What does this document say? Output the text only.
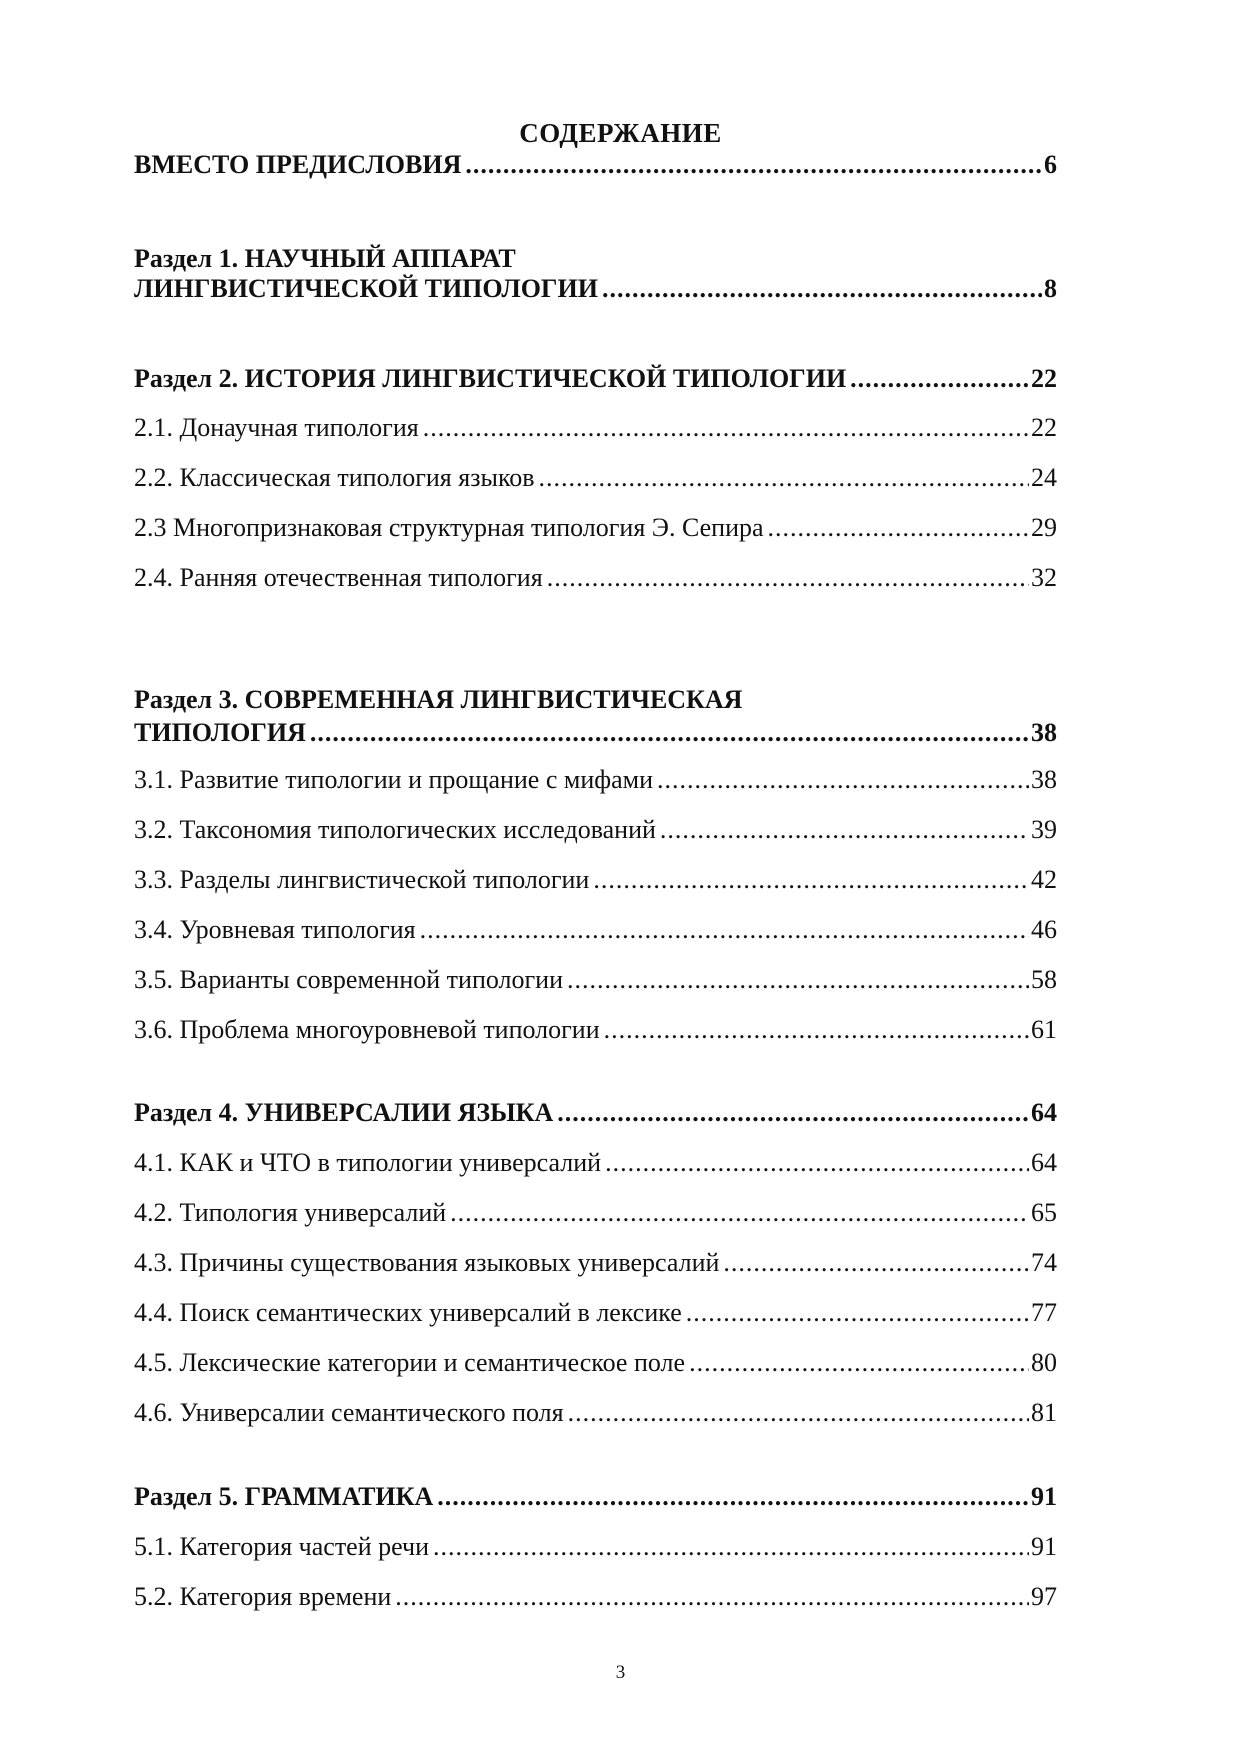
СОДЕРЖАНИЕ
ВМЕСТО ПРЕДИСЛОВИЯ .....	6
Раздел 1. НАУЧНЫЙ АППАРАТ
ЛИНГВИСТИЧЕСКОЙ ТИПОЛОГИИ .....	8
Раздел 2. ИСТОРИЯ ЛИНГВИСТИЧЕСКОЙ ТИПОЛОГИИ .....	22
2.1. Донаучная типология .....	22
2.2. Классическая типология языков .....	24
2.3 Многопризнаковая структурная типология Э. Сепира .....	29
2.4. Ранняя отечественная типология .....	32
Раздел 3. СОВРЕМЕННАЯ ЛИНГВИСТИЧЕСКАЯ
ТИПОЛОГИЯ .....	38
3.1. Развитие типологии и прощание с мифами .....	38
3.2. Таксономия типологических исследований .....	39
3.3. Разделы лингвистической типологии .....	42
3.4. Уровневая типология .....	46
3.5. Варианты современной типологии .....	58
3.6. Проблема многоуровневой типологии .....	61
Раздел 4. УНИВЕРСАЛИИ ЯЗЫКА .....	64
4.1. КАК и ЧТО в типологии универсалий .....	64
4.2. Типология универсалий .....	65
4.3. Причины существования языковых универсалий .....	74
4.4. Поиск семантических универсалий в лексике .....	77
4.5. Лексические категории и семантическое поле .....	80
4.6. Универсалии семантического поля .....	81
Раздел 5. ГРАММАТИКА .....	91
5.1. Категория частей речи .....	91
5.2. Категория времени .....	97
3
